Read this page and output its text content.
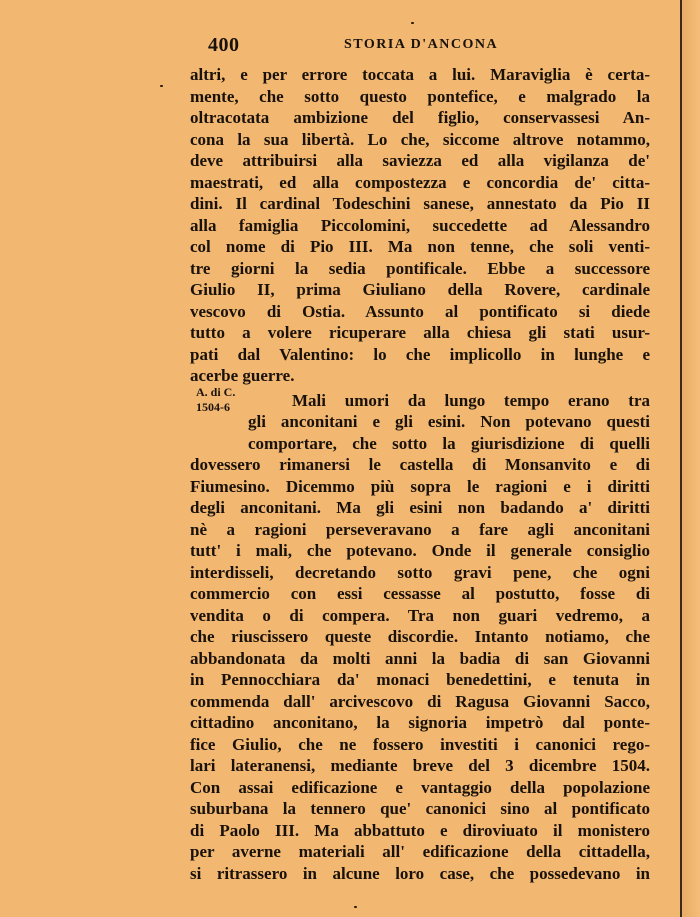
400	STORIA D'ANCONA
A. di C.
1504-6
altri, e per errore toccata a lui. Maraviglia è certa-
mente, che sotto questo pontefice, e malgrado la
oltracotata ambizione del figlio, conservassesi An-
cona la sua libertà. Lo che, siccome altrove notammo,
deve attribuirsi alla saviezza ed alla vigilanza de'
maestrati, ed alla compostezza e concordia de' citta-
dini. Il cardinal Todeschini sanese, annestato da Pio II
alla famiglia Piccolomini, succedette ad Alessandro
col nome di Pio III. Ma non tenne, che soli venti-
tre giorni la sedia pontificale. Ebbe a successore
Giulio II, prima Giuliano della Rovere, cardinale
vescovo di Ostia. Assunto al pontificato si diede
tutto a volere ricuperare alla chiesa gli stati usur-
pati dal Valentino: lo che implicollo in lunghe e
acerbe guerre.
Mali umori da lungo tempo erano tra
gli anconitani e gli esini. Non potevano questi
comportare, che sotto la giurisdizione di quelli
dovessero rimanersi le castella di Monsanvito e di
Fiumesino. Dicemmo più sopra le ragioni e i diritti
degli anconitani. Ma gli esini non badando a' diritti
nè a ragioni perseveravano a fare agli anconitani
tutt' i mali, che potevano. Onde il generale consiglio
interdisseli, decretando sotto gravi pene, che ogni
commercio con essi cessasse al postutto, fosse di
vendita o di compera. Tra non guari vedremo, a
che riuscissero queste discordie. Intanto notiamo, che
abbandonata da molti anni la badia di san Giovanni
in Pennocchiara da' monaci benedettini, e tenuta in
commenda dall' arcivescovo di Ragusa Giovanni Sacco,
cittadino anconitano, la signoria impetrò dal ponte-
fice Giulio, che ne fossero investiti i canonici rego-
lari lateranensi, mediante breve del 3 dicembre 1504.
Con assai edificazione e vantaggio della popolazione
suburbana la tennero que' canonici sino al pontificato
di Paolo III. Ma abbattuto e diroviuato il monistero
per averne materiali all' edificazione della cittadella,
si ritrassero in alcune loro case, che possedevano in
